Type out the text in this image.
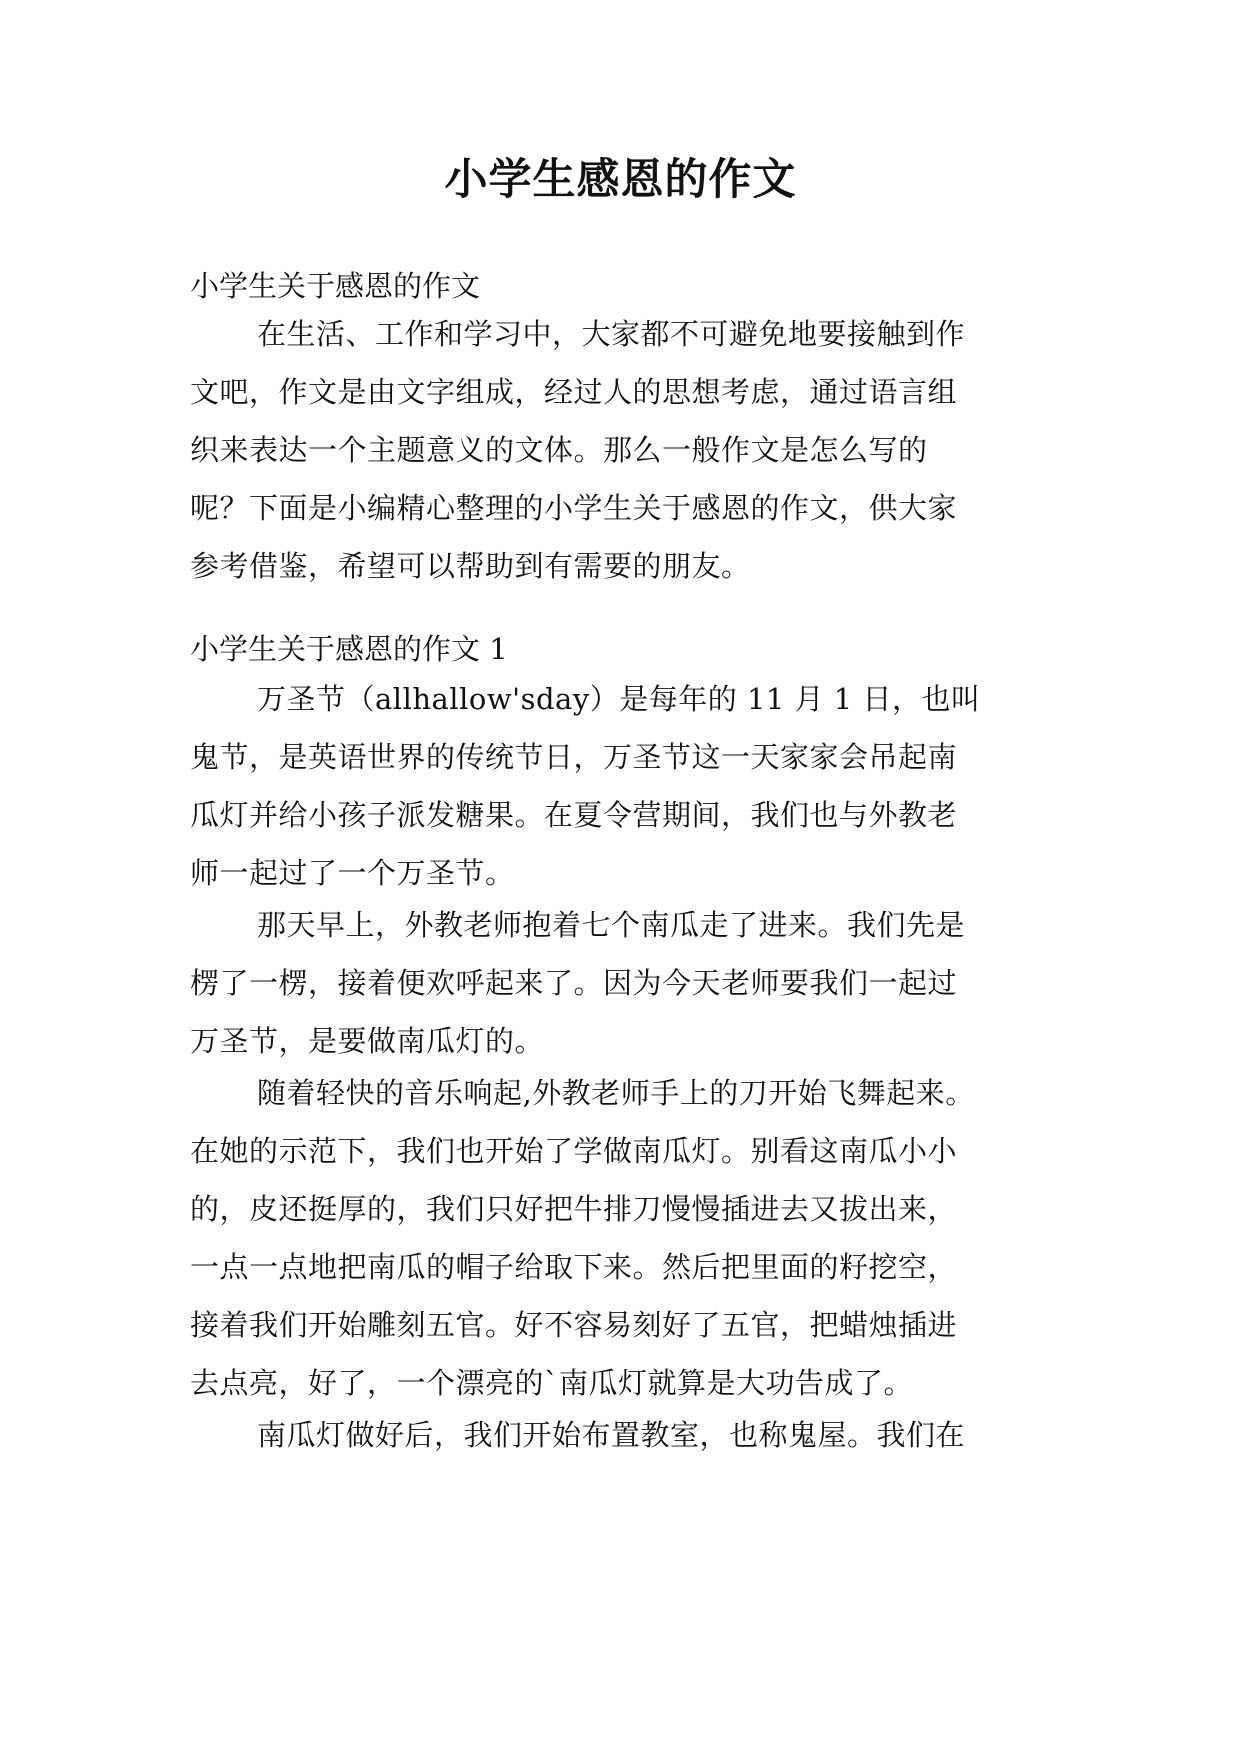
小学生感恩的作文
小学生关于感恩的作文
在生活、工作和学习中，大家都不可避免地要接触到作
文吧，作文是由文字组成，经过人的思想考虑，通过语言组
织来表达一个主题意义的文体。那么一般作文是怎么写的
呢？下面是小编精心整理的小学生关于感恩的作文，供大家
参考借鉴，希望可以帮助到有需要的朋友。
小学生关于感恩的作文 1
万圣节（allhallow'sday）是每年的 11 月 1 日，也叫
鬼节，是英语世界的传统节日，万圣节这一天家家会吊起南
瓜灯并给小孩子派发糖果。在夏令营期间，我们也与外教老
师一起过了一个万圣节。
那天早上，外教老师抱着七个南瓜走了进来。我们先是
楞了一楞，接着便欢呼起来了。因为今天老师要我们一起过
万圣节，是要做南瓜灯的。
随着轻快的音乐响起,外教老师手上的刀开始飞舞起来。
在她的示范下，我们也开始了学做南瓜灯。别看这南瓜小小
的，皮还挺厚的，我们只好把牛排刀慢慢插进去又拔出来，
一点一点地把南瓜的帽子给取下来。然后把里面的籽挖空，
接着我们开始雕刻五官。好不容易刻好了五官，把蜡烛插进
去点亮，好了，一个漂亮的`南瓜灯就算是大功告成了。
南瓜灯做好后，我们开始布置教室，也称鬼屋。我们在
